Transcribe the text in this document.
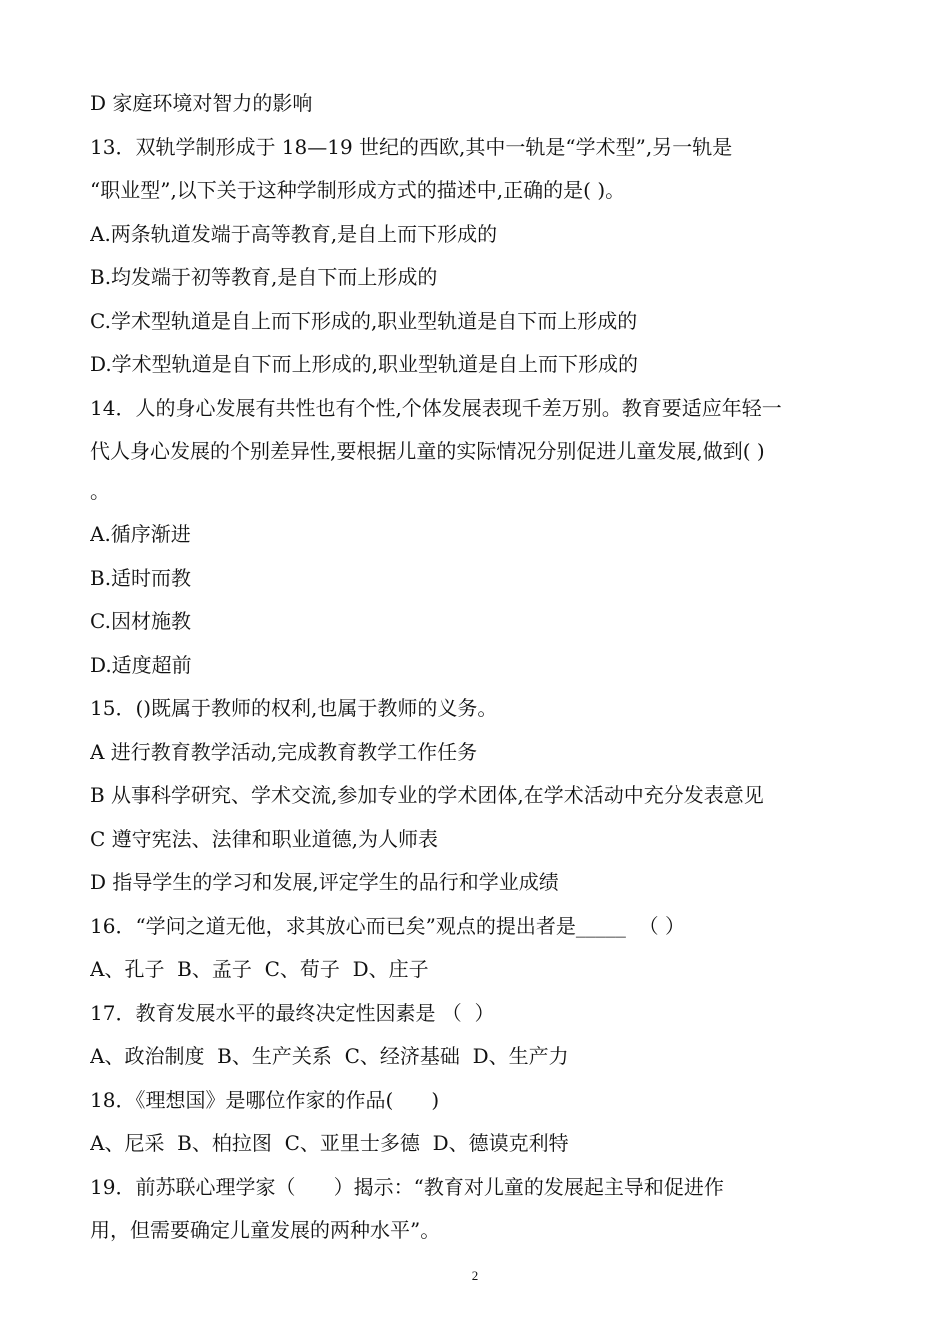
D 家庭环境对智力的影响
13．双轨学制形成于 18—19 世纪的西欧,其中一轨是“学术型”,另一轨是
“职业型”,以下关于这种学制形成方式的描述中,正确的是( )。
A.两条轨道发端于高等教育,是自上而下形成的
B.均发端于初等教育,是自下而上形成的
C.学术型轨道是自上而下形成的,职业型轨道是自下而上形成的
D.学术型轨道是自下而上形成的,职业型轨道是自上而下形成的
14．人的身心发展有共性也有个性,个体发展表现千差万别。教育要适应年轻一
代人身心发展的个别差异性,要根据儿童的实际情况分别促进儿童发展,做到( )
。
A.循序渐进
B.适时而教
C.因材施教
D.适度超前
15．()既属于教师的权利,也属于教师的义务。
A 进行教育教学活动,完成教育教学工作任务
B 从事科学研究、学术交流,参加专业的学术团体,在学术活动中充分发表意见
C 遵守宪法、法律和职业道德,为人师表
D 指导学生的学习和发展,评定学生的品行和学业成绩
16．“学问之道无他，求其放心而已矣”观点的提出者是_____  （ ）
A、孔子  B、孟子  C、荀子  D、庄子
17．教育发展水平的最终决定性因素是 （  ）
A、政治制度  B、生产关系  C、经济基础  D、生产力
18．《理想国》是哪位作家的作品(      )
A、尼采  B、柏拉图  C、亚里士多德  D、德谟克利特
19．前苏联心理学家（      ）揭示：“教育对儿童的发展起主导和促进作
用，但需要确定儿童发展的两种水平”。
2
